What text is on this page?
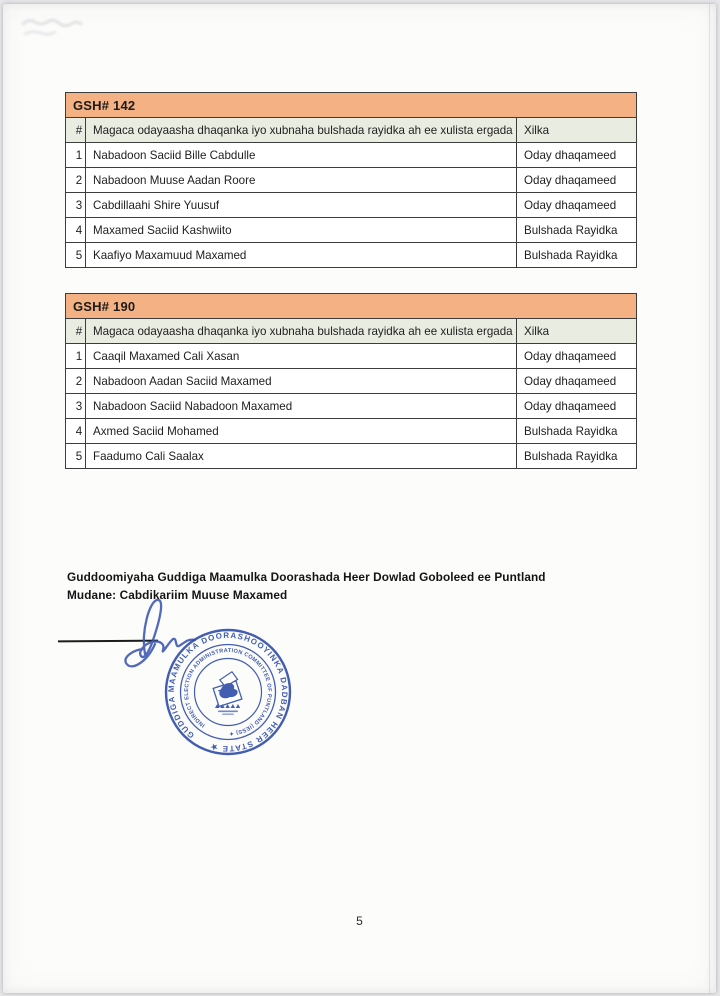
GSH# 142		
#	Magaca odayaasha dhaqanka iyo xubnaha bulshada rayidka ah ee xulista ergada	Xilka
1	Nabadoon Saciid Bille Cabdulle	Oday dhaqameed
2	Nabadoon Muuse Aadan Roore	Oday dhaqameed
3	Cabdillaahi Shire Yuusuf	Oday dhaqameed
4	Maxamed Saciid Kashwiito	Bulshada Rayidka
5	Kaafiyo Maxamuud Maxamed	Bulshada Rayidka
GSH# 190		
#	Magaca odayaasha dhaqanka iyo xubnaha bulshada rayidka ah ee xulista ergada	Xilka
1	Caaqil Maxamed Cali Xasan	Oday dhaqameed
2	Nabadoon Aadan Saciid Maxamed	Oday dhaqameed
3	Nabadoon Saciid Nabadoon Maxamed	Oday dhaqameed
4	Axmed Saciid Mohamed	Bulshada Rayidka
5	Faadumo Cali Saalax	Bulshada Rayidka
Guddoomiyaha Guddiga Maamulka Doorashada Heer Dowlad Goboleed ee Puntland
Mudane: Cabdikariim Muuse Maxamed
GUDDIGA MAAMULKA DOORASHOOYINKA DADBAN HEER STATE ★
INDIRECT ELECTION ADMINISTRATION COMMITTEE OF PUNTLAND (IESS) ✦
5
